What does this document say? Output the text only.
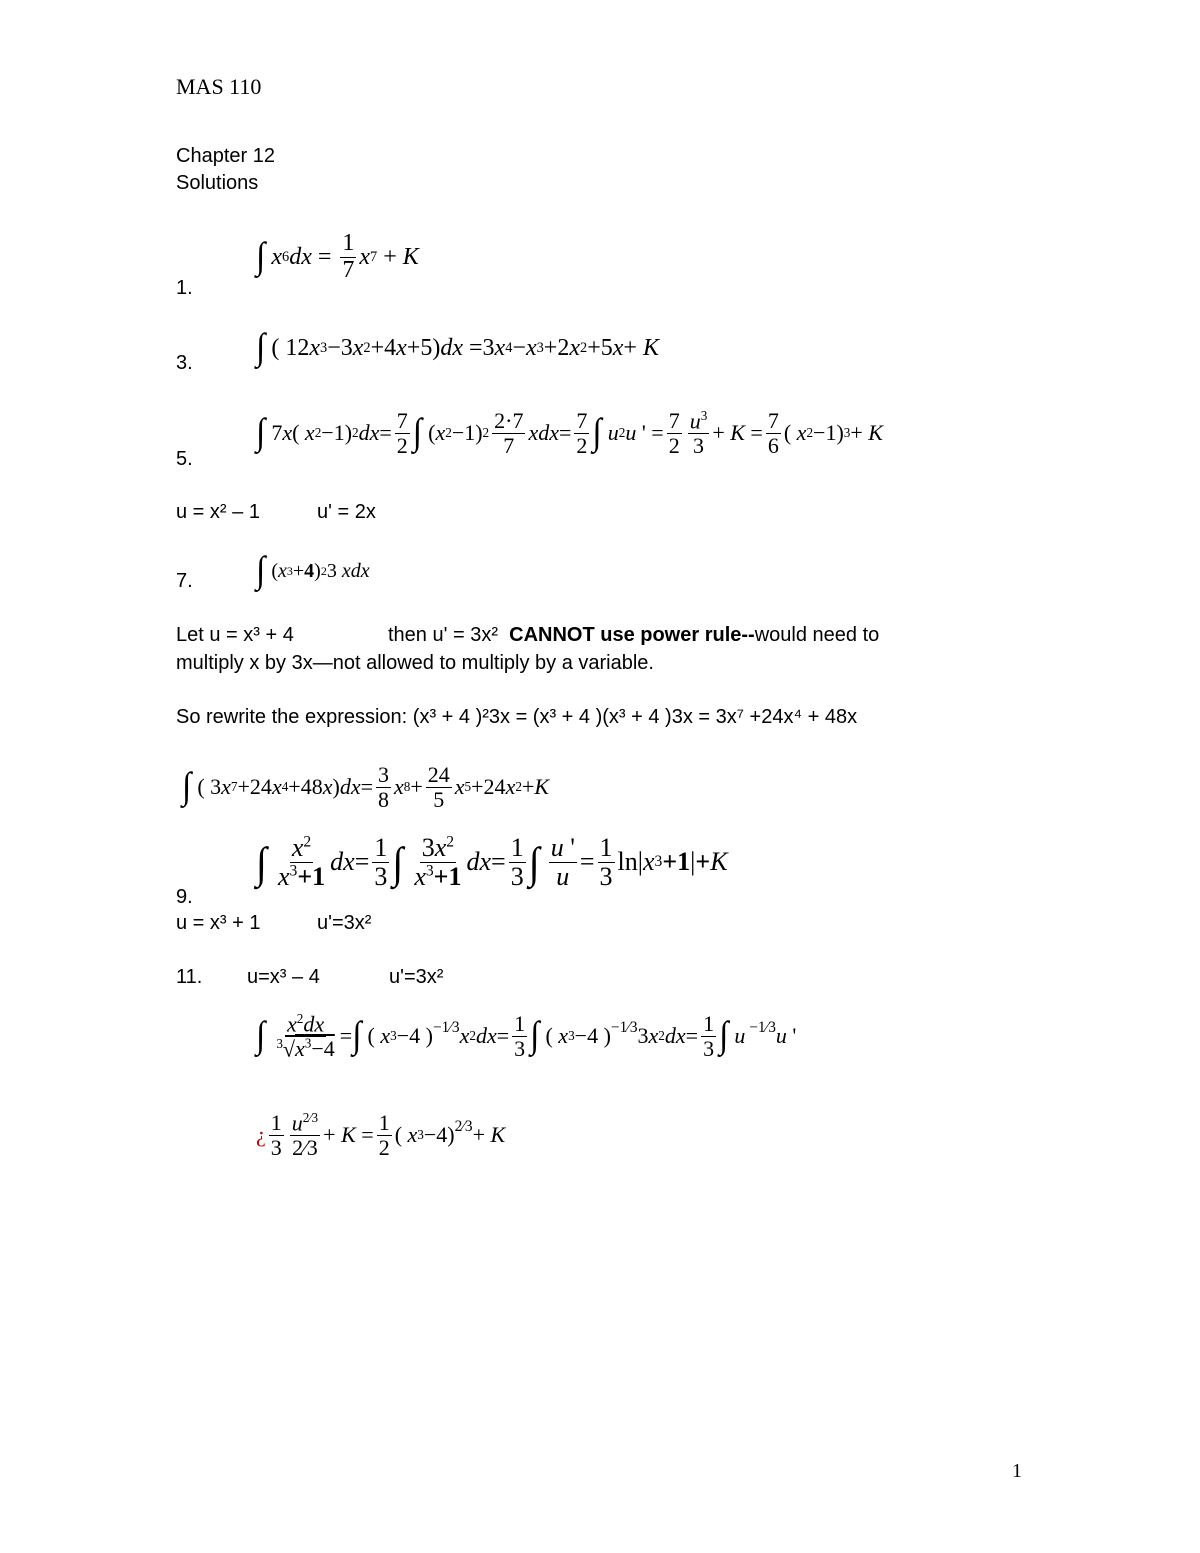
MAS 110
Chapter 12
Solutions
1.
∫ x 6 dx = $\frac{1}{7}$ x 7 + K
3. ∫ ( 12 x 3 −3 x 2 +4 x +5) dx =3 x 4 − x 3 +2 x 2 +5 x + K
5.
∫ 7 x ( x 2 −1) 2 dx = $\frac{7}{2}$ ∫ ( x 2 −1) $2 \frac{2\cdot 7}{7}$ xdx = $\frac{7}{2}$ ∫ u 2 u ' = $\frac{7}{2} \frac{u^3}{3} + K = \frac{7}{6}$ ( x 2 −1) 3 + K
u = x² – 1	u' = 2x
7. ∫ ( x 3 + 4 ) 2 3 xdx
Let u = x³ + 4	then u' = 3x² CANNOT use power rule--would need to
multiply x by 3x—not allowed to multiply by a variable.
So rewrite the expression: (x³ + 4 )²3x = (x³ + 4 )(x³ + 4 )3x = 3x⁷ +24x⁴ + 48x
∫ ( 3 x 7 +24 x 4 +48 x ) dx = $\frac{3}{8}$ x $8 + \frac{24}{5}$ x 5 +24 x 2 + K
9.
∫ $\frac{x^2}{x^3+1}$ dx = $\frac{1}{3}$ ∫ $\frac{3x^2}{x^3+1}$ dx = $\frac{1}{3}$ ∫ $\frac{u '}{u} = \frac{1}{3} \ln|$ x 3 +1 | + K
u = x³ + 1	u'=3x²
11. u=x³ – 4	u'=3x²
∫ $\frac{x^2dx}{^3√x^3-4}$ = ∫ ( x 3 −4 )$^{-1⁄3}$ x 2 dx = $\frac{1}{3}$ ∫ ( x 3 −4 )$^{-1⁄3}$ 3 x 2 dx = $\frac{1}{3}$ ∫ u $^{-1⁄3}$ u '
¿ $\frac{1}{3} \frac{u^{2⁄3}}{2⁄3} + K = \frac{1}{2}$ ( x 3 −4)$^{2⁄3}$ + K
1
